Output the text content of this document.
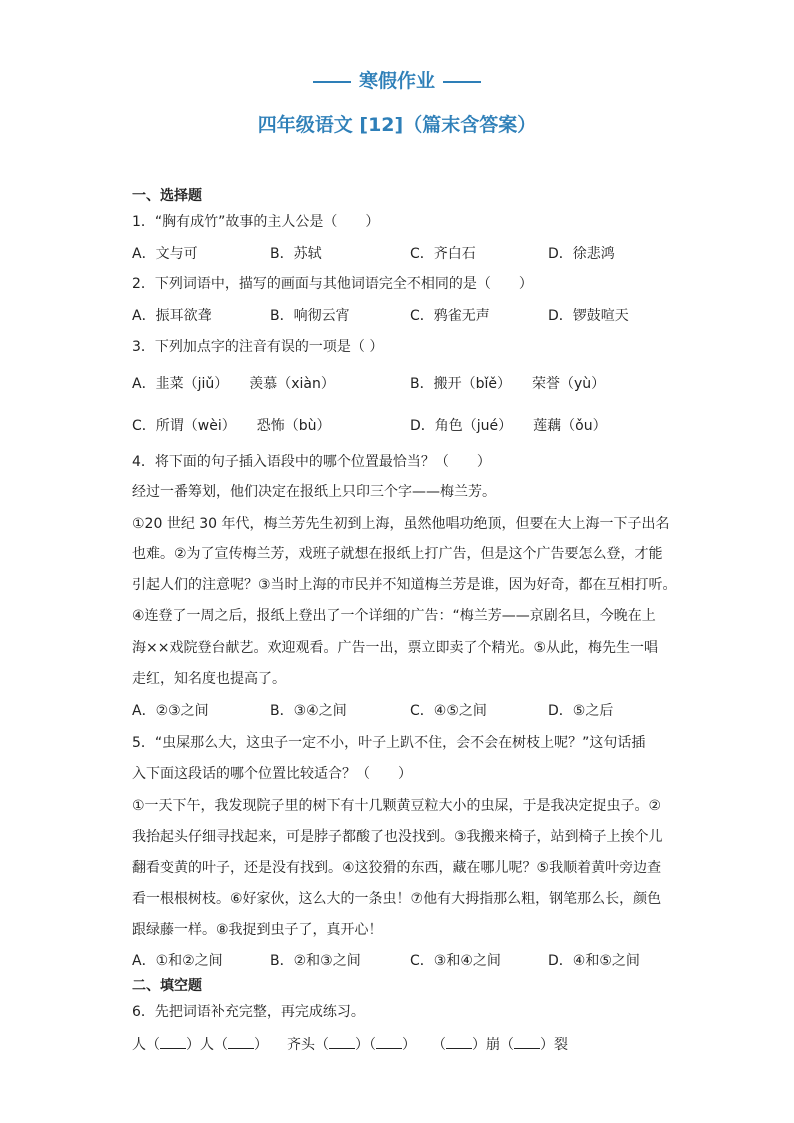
寒假作业
四年级语文 [12]（篇末含答案）
一、选择题
1．“胸有成竹”故事的主人公是（　　）
A．文与可	B．苏轼	C．齐白石	D．徐悲鸿
2．下列词语中，描写的画面与其他词语完全不相同的是（　　）
A．振耳欲聋	B．响彻云宵	C．鸦雀无声	D．锣鼓喧天
3．下列加点字的注音有误的一项是（ ）
A．韭菜（jiǔ）　　羡慕（xiàn）	B．搬开（bǐě）　　荣誉（yù）
C．所谓（wèi）　　恐怖（bù）	D．角色（jué）　　莲藕（ǒu）
4．将下面的句子插入语段中的哪个位置最恰当？（　　）
经过一番筹划，他们决定在报纸上只印三个字——梅兰芳。
①20 世纪 30 年代，梅兰芳先生初到上海，虽然他唱功绝顶，但要在大上海一下子出名
也难。②为了宣传梅兰芳，戏班子就想在报纸上打广告，但是这个广告要怎么登，才能
引起人们的注意呢？③当时上海的市民并不知道梅兰芳是谁，因为好奇，都在互相打听。
④连登了一周之后，报纸上登出了一个详细的广告：“梅兰芳——京剧名旦，今晚在上
海××戏院登台献艺。欢迎观看。广告一出，票立即卖了个精光。⑤从此，梅先生一唱
走红，知名度也提高了。
A．②③之间	B．③④之间	C．④⑤之间	D．⑤之后
5．“虫屎那么大，这虫子一定不小，叶子上趴不住，会不会在树枝上呢？”这句话插
入下面这段话的哪个位置比较适合？（　　）
①一天下午，我发现院子里的树下有十几颗黄豆粒大小的虫屎，于是我决定捉虫子。②
我抬起头仔细寻找起来，可是脖子都酸了也没找到。③我搬来椅子，站到椅子上挨个儿
翻看变黄的叶子，还是没有找到。④这狡猾的东西，藏在哪儿呢？⑤我顺着黄叶旁边查
看一根根树枝。⑥好家伙，这么大的一条虫！⑦他有大拇指那么粗，钢笔那么长，颜色
跟绿藤一样。⑧我捉到虫子了，真开心！
A．①和②之间	B．②和③之间	C．③和④之间	D．④和⑤之间
二、填空题
6．先把词语补充完整，再完成练习。
人（ ）人（ ） 齐头（ ）（ ） （ ）崩（ ）裂
